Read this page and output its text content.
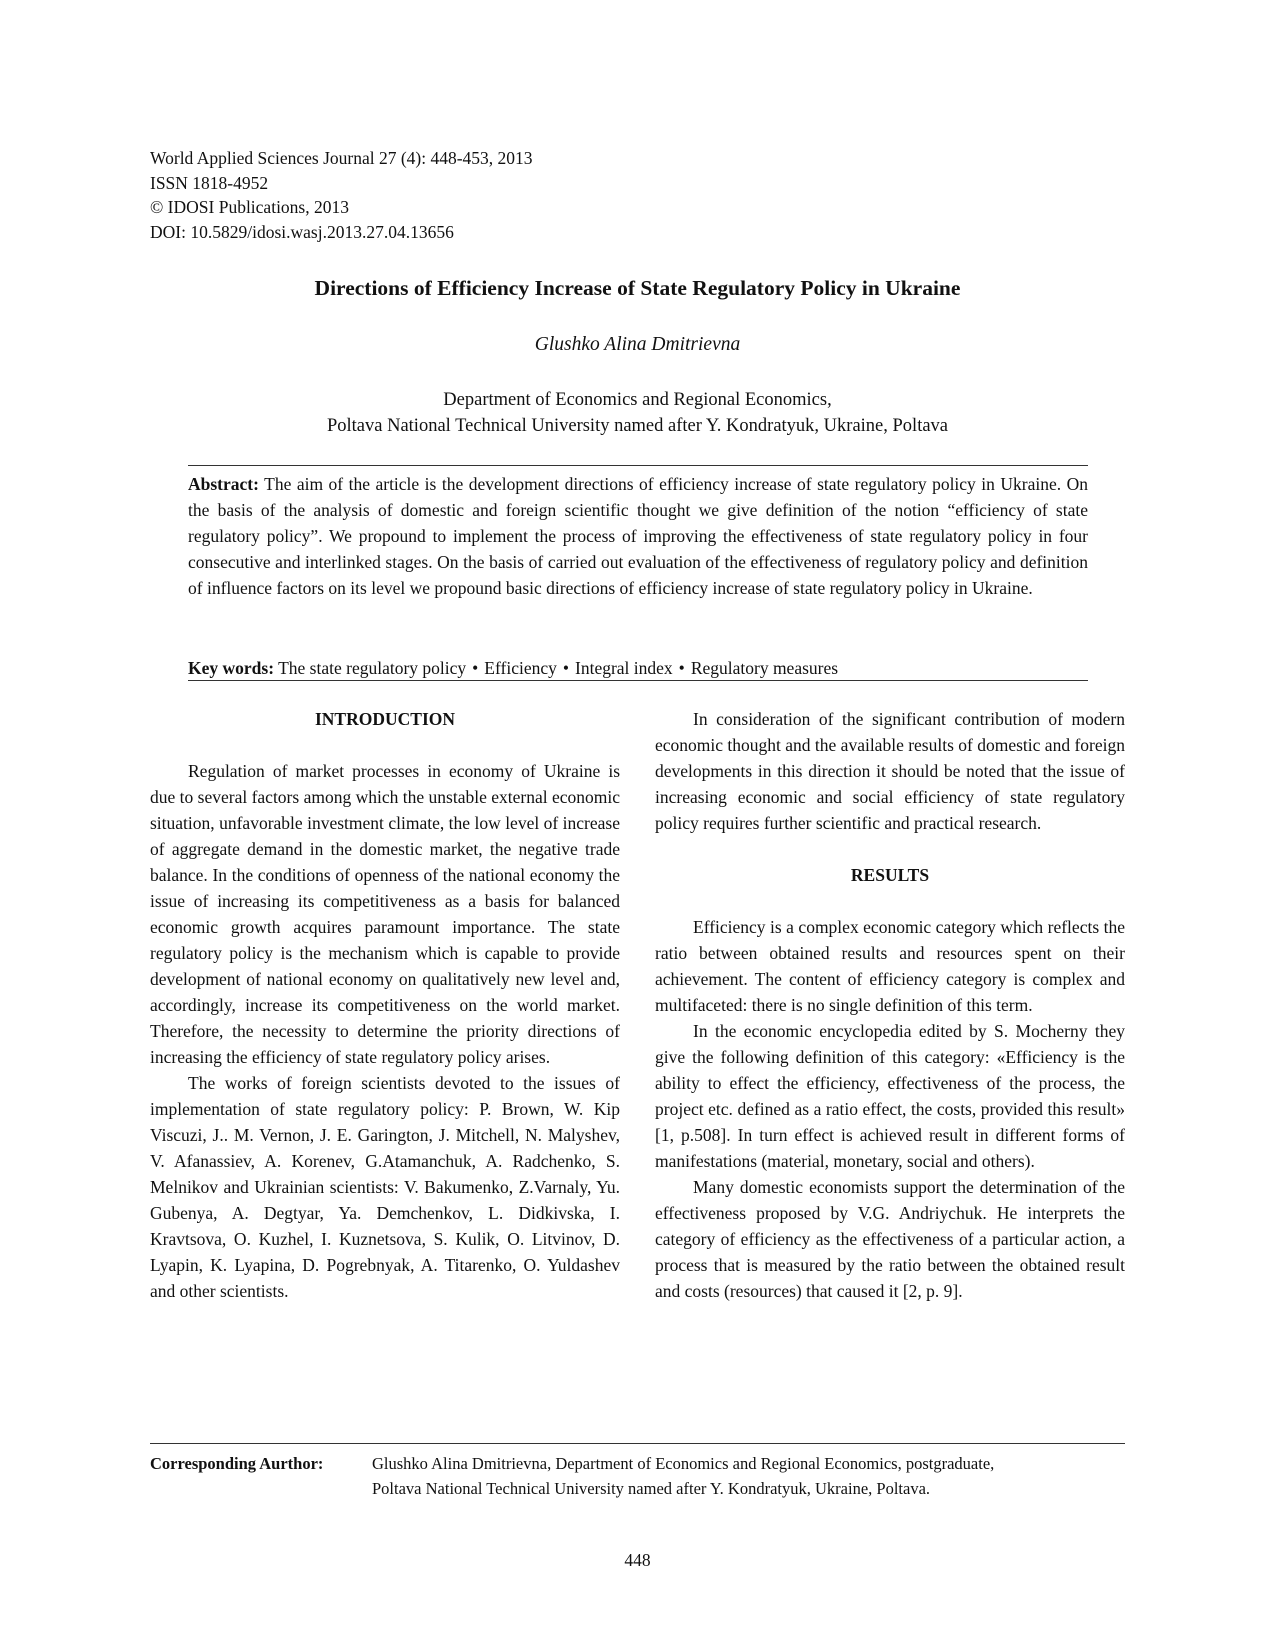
World Applied Sciences Journal 27 (4): 448-453, 2013
ISSN 1818-4952
© IDOSI Publications, 2013
DOI: 10.5829/idosi.wasj.2013.27.04.13656
Directions of Efficiency Increase of State Regulatory Policy in Ukraine
Glushko Alina Dmitrievna
Department of Economics and Regional Economics,
Poltava National Technical University named after Y. Kondratyuk, Ukraine, Poltava
Abstract: The aim of the article is the development directions of efficiency increase of state regulatory policy in Ukraine. On the basis of the analysis of domestic and foreign scientific thought we give definition of the notion “efficiency of state regulatory policy”. We propound to implement the process of improving the effectiveness of state regulatory policy in four consecutive and interlinked stages. On the basis of carried out evaluation of the effectiveness of regulatory policy and definition of influence factors on its level we propound basic directions of efficiency increase of state regulatory policy in Ukraine.
Key words: The state regulatory policy • Efficiency • Integral index • Regulatory measures
INTRODUCTION

Regulation of market processes in economy of Ukraine is due to several factors among which the unstable external economic situation, unfavorable investment climate, the low level of increase of aggregate demand in the domestic market, the negative trade balance. In the conditions of openness of the national economy the issue of increasing its competitiveness as a basis for balanced economic growth acquires paramount importance. The state regulatory policy is the mechanism which is capable to provide development of national economy on qualitatively new level and, accordingly, increase its competitiveness on the world market. Therefore, the necessity to determine the priority directions of increasing the efficiency of state regulatory policy arises.

The works of foreign scientists devoted to the issues of implementation of state regulatory policy: P. Brown, W. Kip Viscuzi, J.. M. Vernon, J. E. Garington, J. Mitchell, N. Malyshev, V. Afanassiev, A. Korenev, G.Atamanchuk, A. Radchenko, S. Melnikov and Ukrainian scientists: V. Bakumenko, Z.Varnaly, Yu. Gubenya, A. Degtyar, Ya. Demchenkov, L. Didkivska, I. Kravtsova, O. Kuzhel, I. Kuznetsova, S. Kulik, O. Litvinov, D. Lyapin, K. Lyapina, D. Pogrebnyak, A. Titarenko, O. Yuldashev and other scientists.

In consideration of the significant contribution of modern economic thought and the available results of domestic and foreign developments in this direction it should be noted that the issue of increasing economic and social efficiency of state regulatory policy requires further scientific and practical research.

RESULTS

Efficiency is a complex economic category which reflects the ratio between obtained results and resources spent on their achievement. The content of efficiency category is complex and multifaceted: there is no single definition of this term.

In the economic encyclopedia edited by S. Mocherny they give the following definition of this category: «Efficiency is the ability to effect the efficiency, effectiveness of the process, the project etc. defined as a ratio effect, the costs, provided this result» [1, p.508]. In turn effect is achieved result in different forms of manifestations (material, monetary, social and others).

Many domestic economists support the determination of the effectiveness proposed by V.G. Andriychuk. He interprets the category of efficiency as the effectiveness of a particular action, a process that is measured by the ratio between the obtained result and costs (resources) that caused it [2, p. 9].

Corresponding Aurthor:	Glushko Alina Dmitrievna, Department of Economics and Regional Economics, postgraduate,
Poltava National Technical University named after Y. Kondratyuk, Ukraine, Poltava.
448
